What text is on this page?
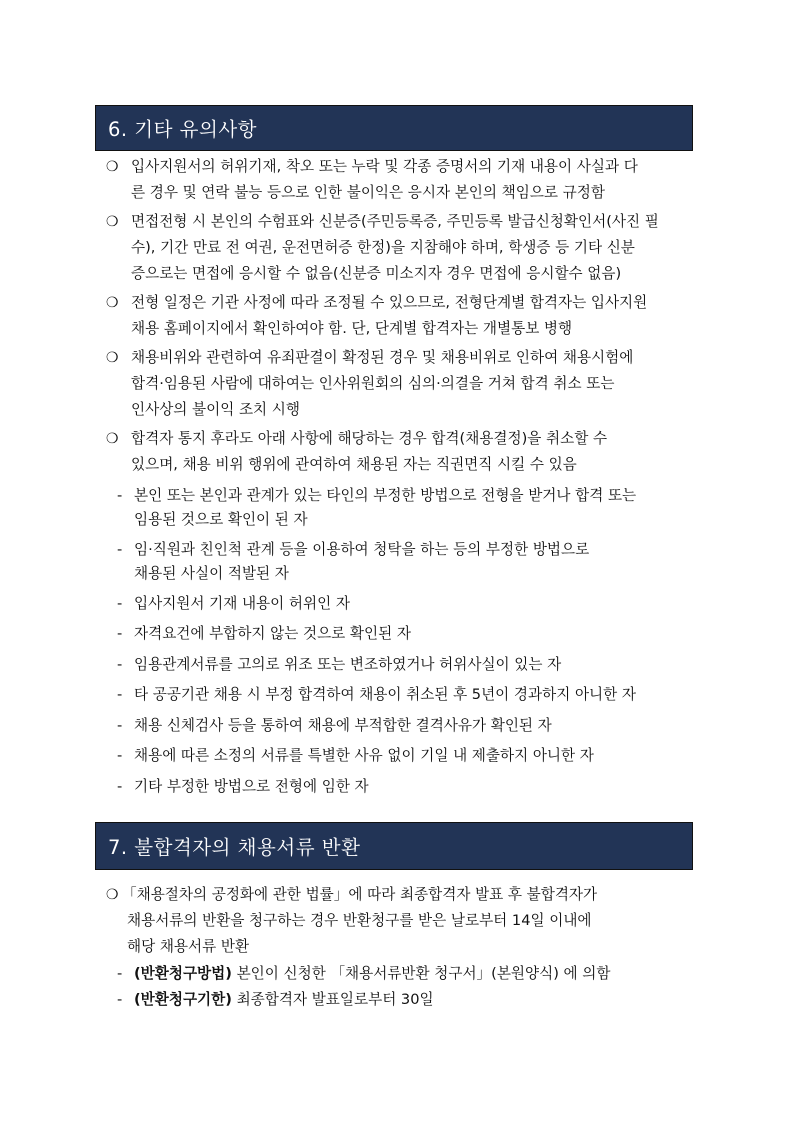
6. 기타 유의사항
❍ 입사지원서의 허위기재, 착오 또는 누락 및 각종 증명서의 기재 내용이 사실과 다
른 경우 및 연락 불능 등으로 인한 불이익은 응시자 본인의 책임으로 규정함
❍ 면접전형 시 본인의 수험표와 신분증(주민등록증, 주민등록 발급신청확인서(사진 필
수), 기간 만료 전 여권, 운전면허증 한정)을 지참해야 하며, 학생증 등 기타 신분
증으로는 면접에 응시할 수 없음(신분증 미소지자 경우 면접에 응시할수 없음)
❍ 전형 일정은 기관 사정에 따라 조정될 수 있으므로, 전형단계별 합격자는 입사지원
채용 홈페이지에서 확인하여야 함. 단, 단계별 합격자는 개별통보 병행
❍ 채용비위와 관련하여 유죄판결이 확정된 경우 및 채용비위로 인하여 채용시험에
합격·임용된 사람에 대하여는 인사위원회의 심의·의결을 거쳐 합격 취소 또는
인사상의 불이익 조치 시행
❍ 합격자 통지 후라도 아래 사항에 해당하는 경우 합격(채용결정)을 취소할 수
있으며, 채용 비위 행위에 관여하여 채용된 자는 직권면직 시킬 수 있음
- 본인 또는 본인과 관계가 있는 타인의 부정한 방법으로 전형을 받거나 합격 또는
임용된 것으로 확인이 된 자
- 임·직원과 친인척 관계 등을 이용하여 청탁을 하는 등의 부정한 방법으로
채용된 사실이 적발된 자
- 입사지원서 기재 내용이 허위인 자
- 자격요건에 부합하지 않는 것으로 확인된 자
- 임용관계서류를 고의로 위조 또는 변조하였거나 허위사실이 있는 자
- 타 공공기관 채용 시 부정 합격하여 채용이 취소된 후 5년이 경과하지 아니한 자
- 채용 신체검사 등을 통하여 채용에 부적합한 결격사유가 확인된 자
- 채용에 따른 소정의 서류를 특별한 사유 없이 기일 내 제출하지 아니한 자
- 기타 부정한 방법으로 전형에 임한 자
7. 불합격자의 채용서류 반환
❍ 「채용절차의 공정화에 관한 법률」에 따라 최종합격자 발표 후 불합격자가
채용서류의 반환을 청구하는 경우 반환청구를 받은 날로부터 14일 이내에
해당 채용서류 반환
- (반환청구방법) 본인이 신청한 「채용서류반환 청구서」(본원양식) 에 의함
- (반환청구기한) 최종합격자 발표일로부터 30일
